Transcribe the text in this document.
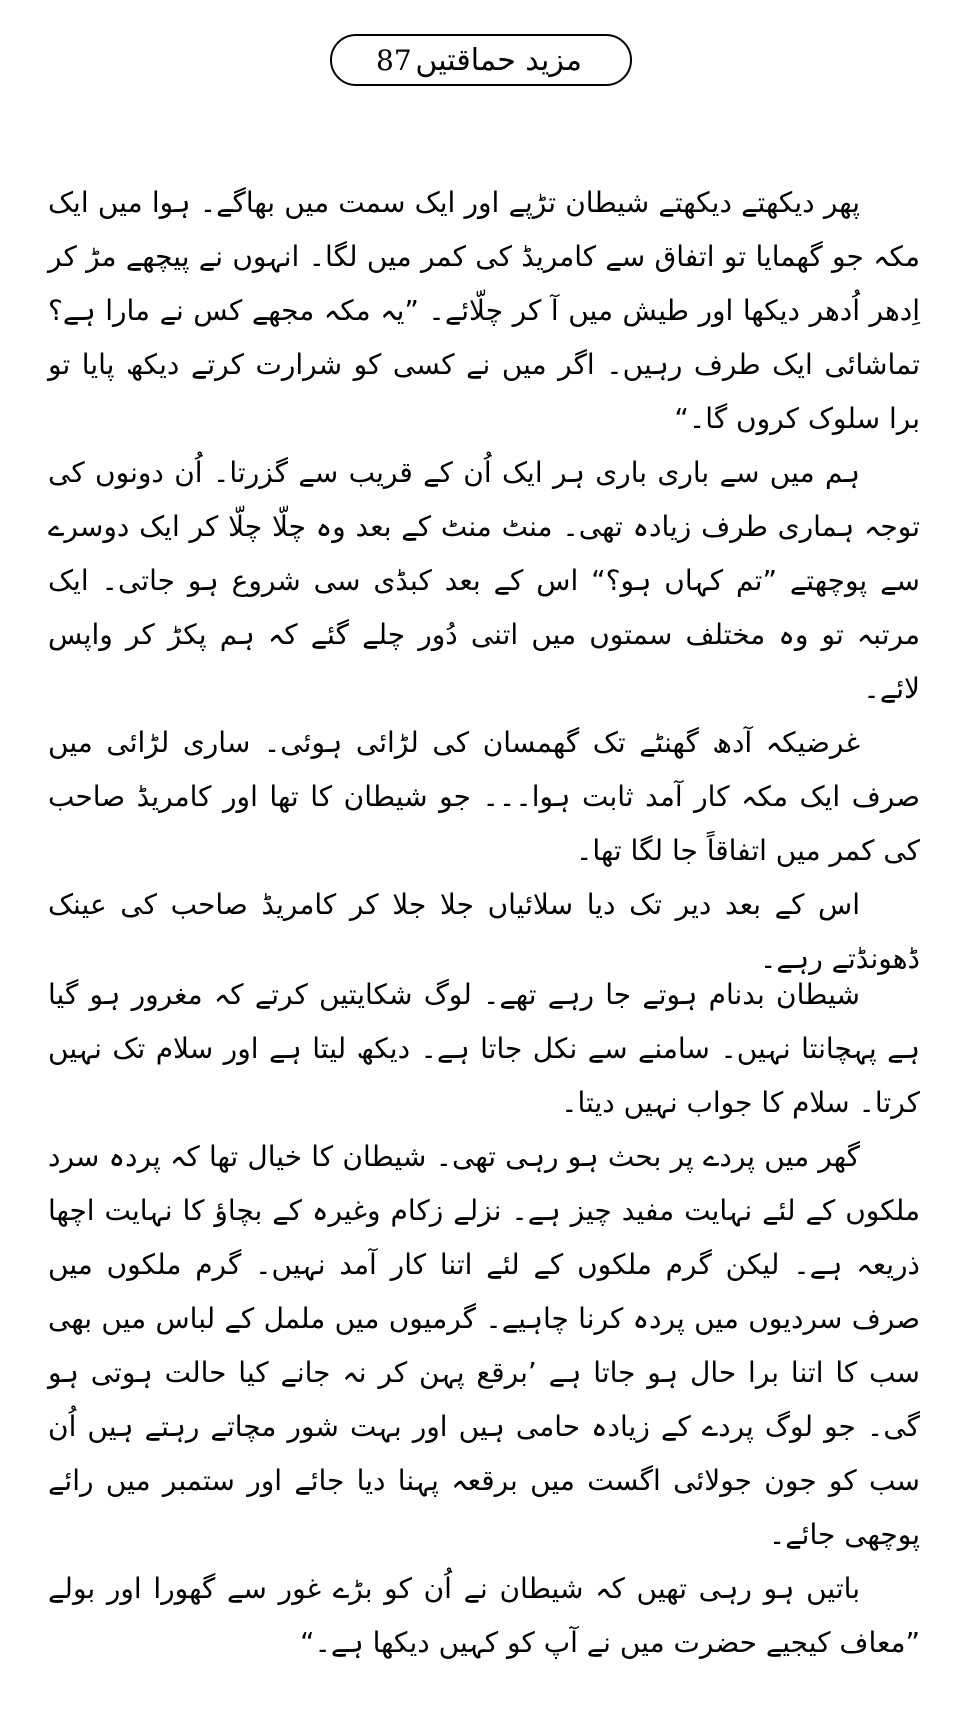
87 مزید حماقتیں

پھر دیکھتے دیکھتے شیطان تڑپے اور ایک سمت میں بھاگے۔ ہوا میں ایک مکہ جو گھمایا تو اتفاق سے کامریڈ کی کمر میں لگا۔ انہوں نے پیچھے مڑ کر اِدھر اُدھر دیکھا اور طیش میں آ کر چلّائے۔ ”یہ مکہ مجھے کس نے مارا ہے؟ تماشائی ایک طرف رہیں۔ اگر میں نے کسی کو شرارت کرتے دیکھ پایا تو برا سلوک کروں گا۔“

ہم میں سے باری باری ہر ایک اُن کے قریب سے گزرتا۔ اُن دونوں کی توجہ ہماری طرف زیادہ تھی۔ منٹ منٹ کے بعد وہ چلّا چلّا کر ایک دوسرے سے پوچھتے ”تم کہاں ہو؟“ اس کے بعد کبڈی سی شروع ہو جاتی۔ ایک مرتبہ تو وہ مختلف سمتوں میں اتنی دُور چلے گئے کہ ہم پکڑ کر واپس لائے۔

غرضیکہ آدھ گھنٹے تک گھمسان کی لڑائی ہوئی۔ ساری لڑائی میں صرف ایک مکہ کار آمد ثابت ہوا۔۔۔ جو شیطان کا تھا اور کامریڈ صاحب کی کمر میں اتفاقاً جا لگا تھا۔

اس کے بعد دیر تک دیا سلائیاں جلا جلا کر کامریڈ صاحب کی عینک ڈھونڈتے رہے۔

شیطان بدنام ہوتے جا رہے تھے۔ لوگ شکایتیں کرتے کہ مغرور ہو گیا ہے پہچانتا نہیں۔ سامنے سے نکل جاتا ہے۔ دیکھ لیتا ہے اور سلام تک نہیں کرتا۔ سلام کا جواب نہیں دیتا۔

گھر میں پردے پر بحث ہو رہی تھی۔ شیطان کا خیال تھا کہ پردہ سرد ملکوں کے لئے نہایت مفید چیز ہے۔ نزلے زکام وغیرہ کے بچاؤ کا نہایت اچھا ذریعہ ہے۔ لیکن گرم ملکوں کے لئے اتنا کار آمد نہیں۔ گرم ملکوں میں صرف سردیوں میں پردہ کرنا چاہیے۔ گرمیوں میں ململ کے لباس میں بھی سب کا اتنا برا حال ہو جاتا ہے ’برقع پہن کر نہ جانے کیا حالت ہوتی ہو گی۔ جو لوگ پردے کے زیادہ حامی ہیں اور بہت شور مچاتے رہتے ہیں اُن سب کو جون جولائی اگست میں برقعہ پہنا دیا جائے اور ستمبر میں رائے پوچھی جائے۔

باتیں ہو رہی تھیں کہ شیطان نے اُن کو بڑے غور سے گھورا اور بولے ”معاف کیجیے حضرت میں نے آپ کو کہیں دیکھا ہے۔“
